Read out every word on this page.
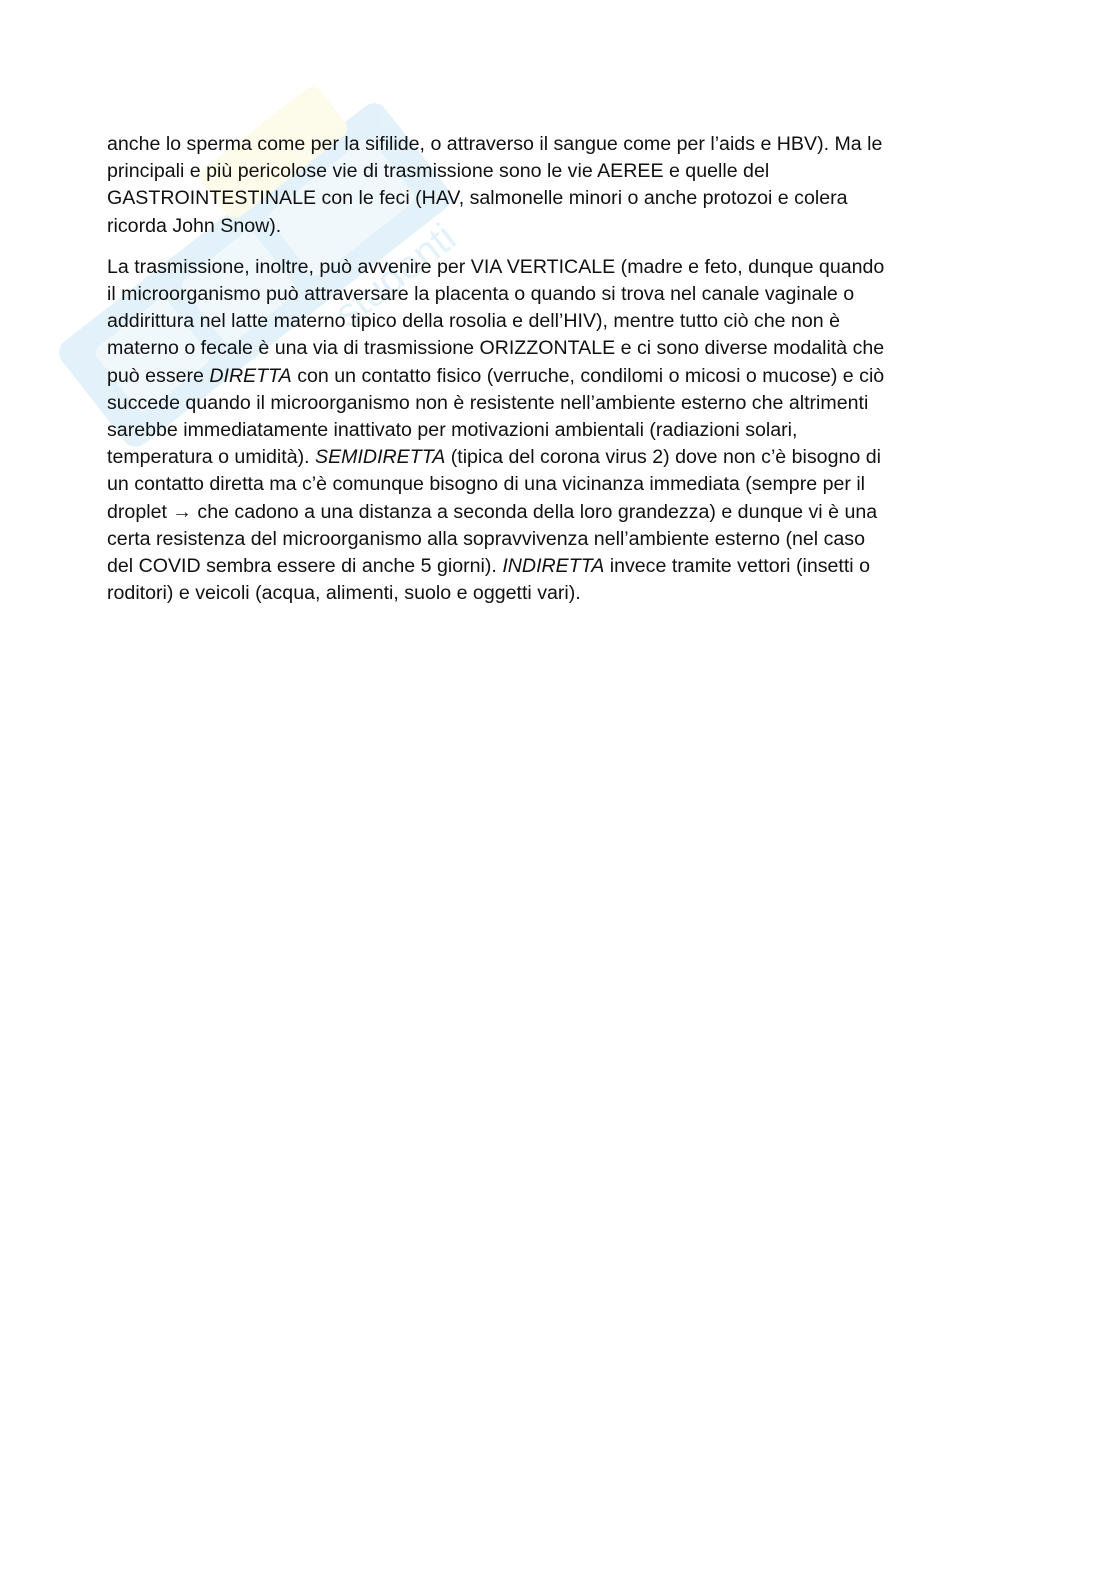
studenti

anche lo sperma come per la sifilide, o attraverso il sangue come per l’aids e HBV). Ma le
principali e più pericolose vie di trasmissione sono le vie AEREE e quelle del
GASTROINTESTINALE con le feci (HAV, salmonelle minori o anche protozoi e colera
ricorda John Snow).

La trasmissione, inoltre, può avvenire per VIA VERTICALE (madre e feto, dunque quando
il microorganismo può attraversare la placenta o quando si trova nel canale vaginale o
addirittura nel latte materno tipico della rosolia e dell’HIV), mentre tutto ciò che non è
materno o fecale è una via di trasmissione ORIZZONTALE e ci sono diverse modalità che
può essere DIRETTA con un contatto fisico (verruche, condilomi o micosi o mucose) e ciò
succede quando il microorganismo non è resistente nell’ambiente esterno che altrimenti
sarebbe immediatamente inattivato per motivazioni ambientali (radiazioni solari,
temperatura o umidità). SEMIDIRETTA (tipica del corona virus 2) dove non c’è bisogno di
un contatto diretta ma c’è comunque bisogno di una vicinanza immediata (sempre per il
droplet → che cadono a una distanza a seconda della loro grandezza) e dunque vi è una
certa resistenza del microorganismo alla sopravvivenza nell’ambiente esterno (nel caso
del COVID sembra essere di anche 5 giorni). INDIRETTA invece tramite vettori (insetti o
roditori) e veicoli (acqua, alimenti, suolo e oggetti vari).
